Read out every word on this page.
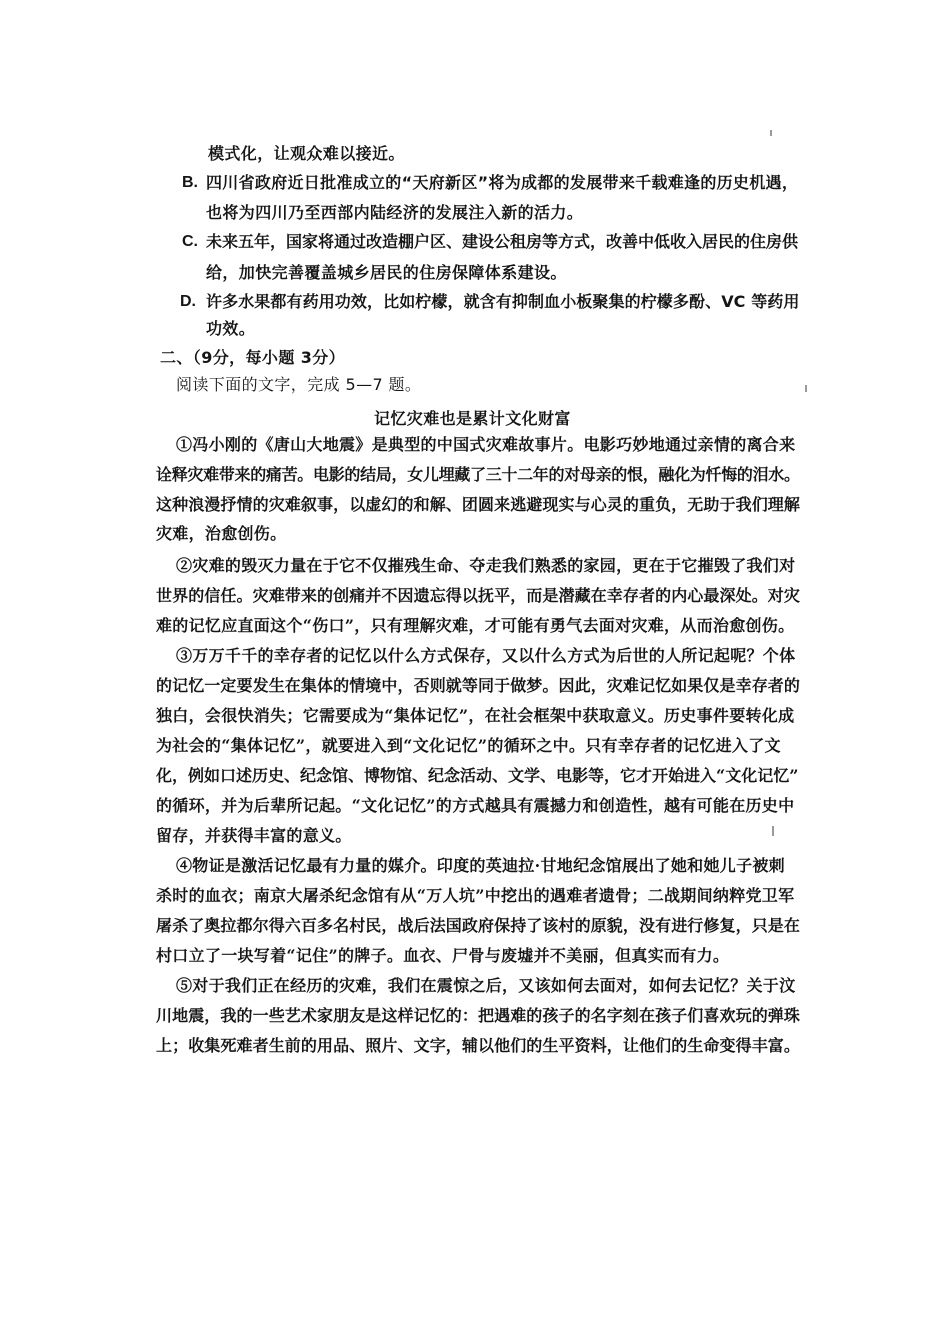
模式化，让观众难以接近。
B. 四川省政府近日批准成立的“天府新区”将为成都的发展带来千载难逢的历史机遇，
也将为四川乃至西部内陆经济的发展注入新的活力。
C. 未来五年，国家将通过改造棚户区、建设公租房等方式，改善中低收入居民的住房供
给，加快完善覆盖城乡居民的住房保障体系建设。
D. 许多水果都有药用功效，比如柠檬，就含有抑制血小板聚集的柠檬多酚、VC 等药用
功效。
二、（9分，每小题 3分）
阅读下面的文字，完成 5—7 题。
记忆灾难也是累计文化财富
①冯小刚的《唐山大地震》是典型的中国式灾难故事片。电影巧妙地通过亲情的离合来
诠释灾难带来的痛苦。电影的结局，女儿埋藏了三十二年的对母亲的恨，融化为忏悔的泪水。
这种浪漫抒情的灾难叙事，以虚幻的和解、团圆来逃避现实与心灵的重负，无助于我们理解
灾难，治愈创伤。
②灾难的毁灭力量在于它不仅摧残生命、夺走我们熟悉的家园，更在于它摧毁了我们对
世界的信任。灾难带来的创痛并不因遗忘得以抚平，而是潜藏在幸存者的内心最深处。对灾
难的记忆应直面这个“伤口”，只有理解灾难，才可能有勇气去面对灾难，从而治愈创伤。
③万万千千的幸存者的记忆以什么方式保存，又以什么方式为后世的人所记起呢？个体
的记忆一定要发生在集体的情境中，否则就等同于做梦。因此，灾难记忆如果仅是幸存者的
独白，会很快消失；它需要成为“集体记忆”，在社会框架中获取意义。历史事件要转化成
为社会的“集体记忆”，就要进入到“文化记忆”的循环之中。只有幸存者的记忆进入了文
化，例如口述历史、纪念馆、博物馆、纪念活动、文学、电影等，它才开始进入“文化记忆”
的循环，并为后辈所记起。“文化记忆”的方式越具有震撼力和创造性，越有可能在历史中
留存，并获得丰富的意义。
④物证是激活记忆最有力量的媒介。印度的英迪拉·甘地纪念馆展出了她和她儿子被刺
杀时的血衣；南京大屠杀纪念馆有从“万人坑”中挖出的遇难者遗骨；二战期间纳粹党卫军
屠杀了奥拉都尔得六百多名村民，战后法国政府保持了该村的原貌，没有进行修复，只是在
村口立了一块写着“记住”的牌子。血衣、尸骨与废墟并不美丽，但真实而有力。
⑤对于我们正在经历的灾难，我们在震惊之后，又该如何去面对，如何去记忆？关于汶
川地震，我的一些艺术家朋友是这样记忆的：把遇难的孩子的名字刻在孩子们喜欢玩的弹珠
上；收集死难者生前的用品、照片、文字，辅以他们的生平资料，让他们的生命变得丰富。
